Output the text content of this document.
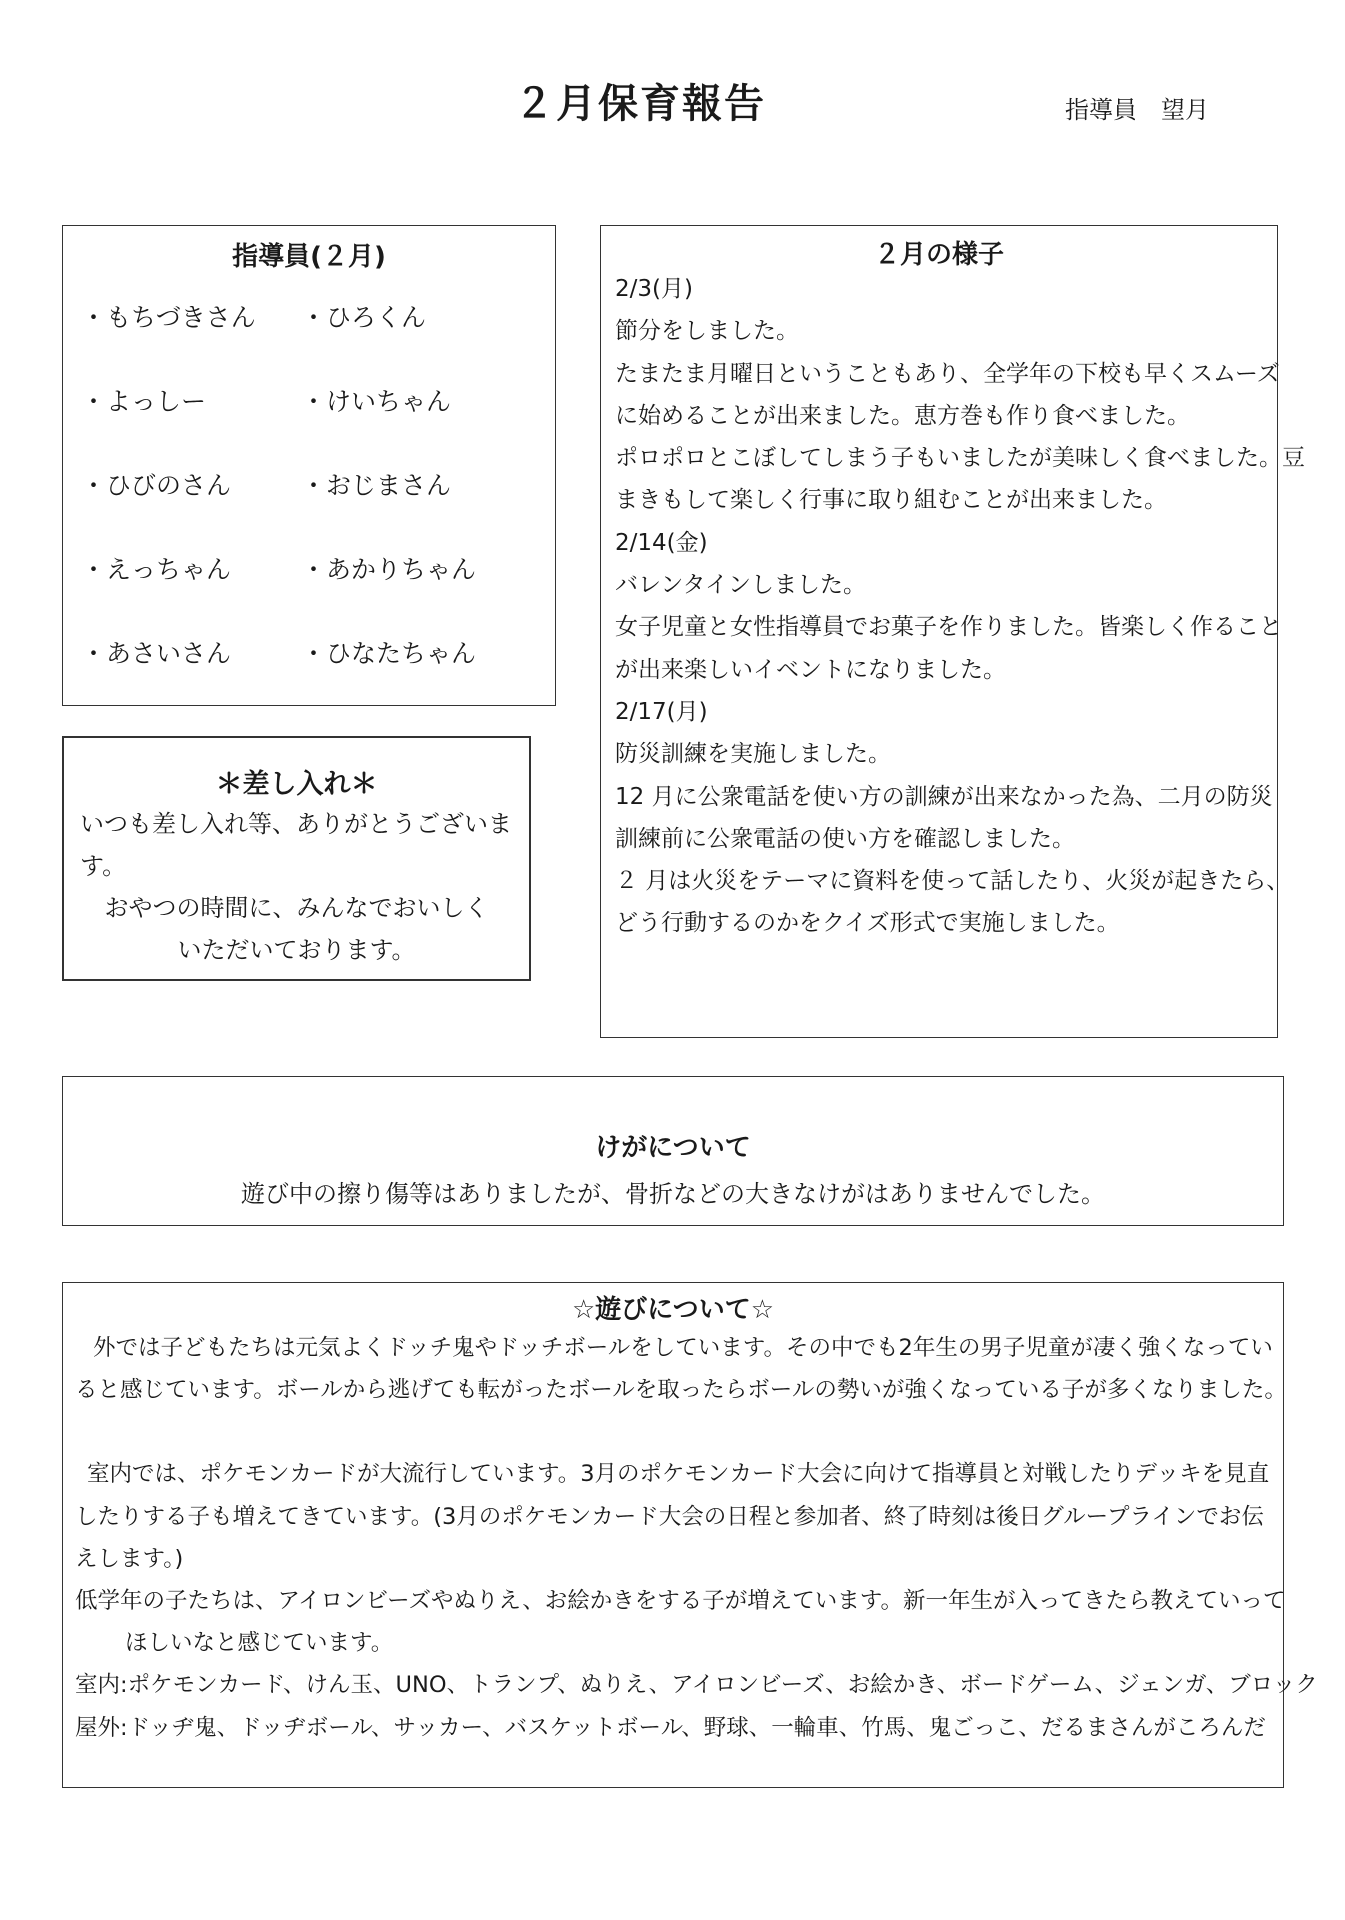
２月保育報告	指導員　望月
指導員(２月)
・もちづきさん	・ひろくん
・よっしー	・けいちゃん
・ひびのさん	・おじまさん
・えっちゃん	・あかりちゃん
・あさいさん	・ひなたちゃん
＊差し入れ＊
いつも差し入れ等、ありがとうございま
す。
おやつの時間に、みんなでおいしく
いただいております。
２月の様子
2/3(月)
節分をしました。
たまたま月曜日ということもあり、全学年の下校も早くスムーズ
に始めることが出来ました。恵方巻も作り食べました。
ポロポロとこぼしてしまう子もいましたが美味しく食べました。豆
まきもして楽しく行事に取り組むことが出来ました。
2/14(金)
バレンタインしました。
女子児童と女性指導員でお菓子を作りました。皆楽しく作ること
が出来楽しいイベントになりました。
2/17(月)
防災訓練を実施しました。
12 月に公衆電話を使い方の訓練が出来なかった為、二月の防災
訓練前に公衆電話の使い方を確認しました。
２ 月は火災をテーマに資料を使って話したり、火災が起きたら、
どう行動するのかをクイズ形式で実施しました。
けがについて
遊び中の擦り傷等はありましたが、骨折などの大きなけがはありませんでした。
☆遊びについて☆
外では子どもたちは元気よくドッチ鬼やドッチボールをしています。その中でも2年生の男子児童が凄く強くなってい
ると感じています。ボールから逃げても転がったボールを取ったらボールの勢いが強くなっている子が多くなりました。
室内では、ポケモンカードが大流行しています。3月のポケモンカード大会に向けて指導員と対戦したりデッキを見直
したりする子も増えてきています。(3月のポケモンカード大会の日程と参加者、終了時刻は後日グループラインでお伝
えします。)
低学年の子たちは、アイロンビーズやぬりえ、お絵かきをする子が増えています。新一年生が入ってきたら教えていって
ほしいなと感じています。
室内:ポケモンカード、けん玉、UNO、トランプ、ぬりえ、アイロンビーズ、お絵かき、ボードゲーム、ジェンガ、ブロック
屋外:ドッヂ鬼、ドッヂボール、サッカー、バスケットボール、野球、一輪車、竹馬、鬼ごっこ、だるまさんがころんだ
